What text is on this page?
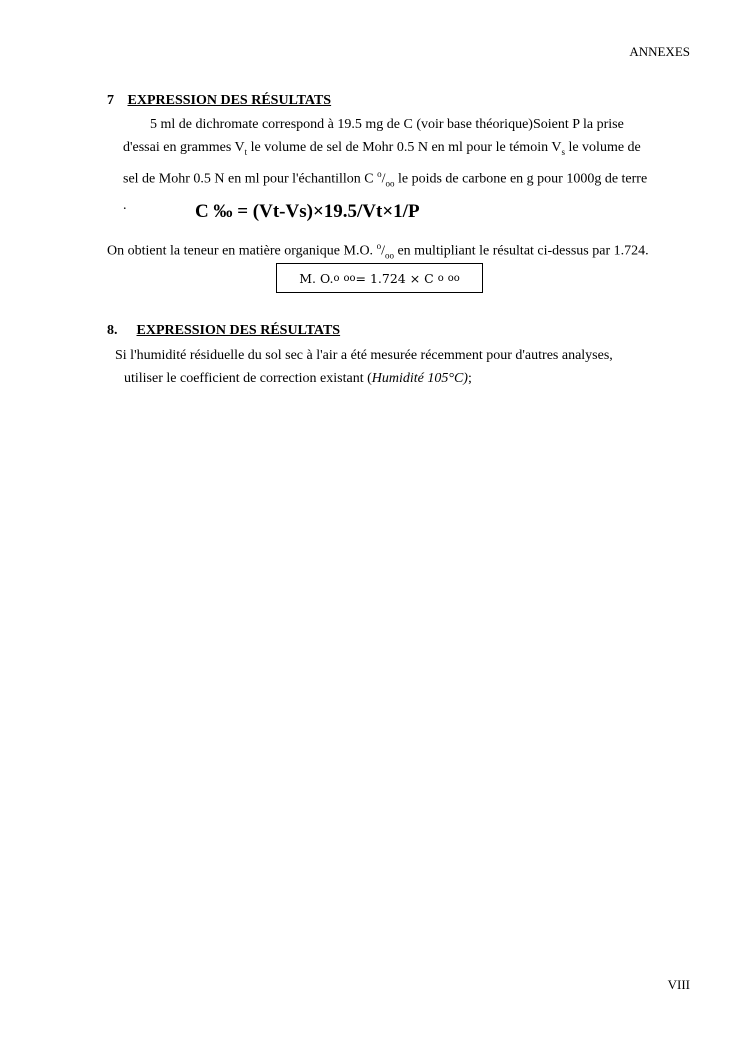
ANNEXES
7 EXPRESSION DES RÉSULTATS
5 ml de dichromate correspond à 19.5 mg de C (voir base théorique)Soient P la prise
d'essai en grammes $V_t$ le volume de sel de Mohr 0.5 N en ml pour le témoin $V_s$ le volume de
sel de Mohr 0.5 N en ml pour l'échantillon C $^o/_{oo}$ le poids de carbone en g pour 1000g de terre
.	C ‰ = (Vt-Vs)×19.5/Vt×1/P
On obtient la teneur en matière organique M.O. $^o/_{oo}$ en multipliant le résultat ci-dessus par 1.724.
M. O. o
oo = 1.724 × C
o
oo
8. EXPRESSION DES RÉSULTATS
Si l'humidité résiduelle du sol sec à l'air a été mesurée récemment pour d'autres analyses,
utiliser le coefficient de correction existant (Humidité 105°C);
VIII
